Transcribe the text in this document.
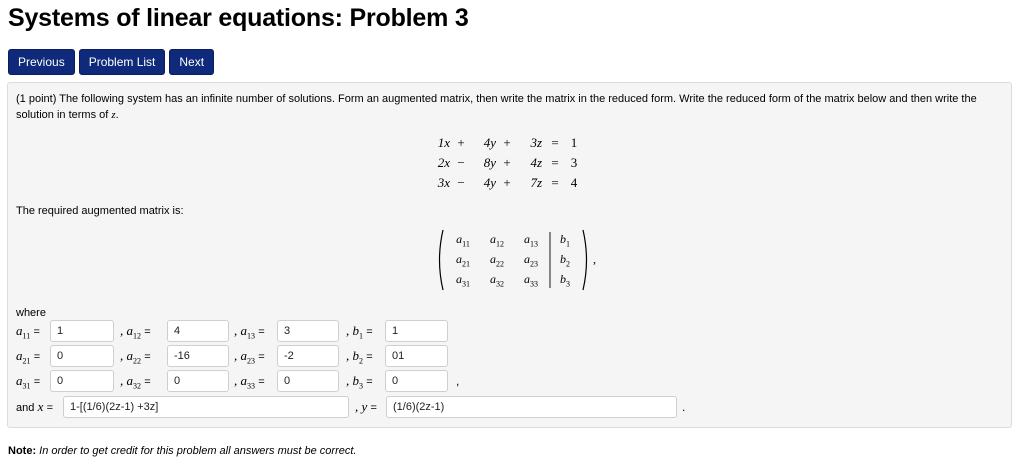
Systems of linear equations: Problem 3
Previous	Problem List	Next
(1 point) The following system has an infinite number of solutions. Form an augmented matrix, then write the matrix in the reduced form. Write the reduced form of the matrix below and then write the solution in terms of z.
1x +	4y +	3z = 1
2x −	8y +	4z = 3
3x −	4y +	7z = 4
The required augmented matrix is:
$a_{11}$	$a_{12}$	$a_{13}$	$b_1$
$a_{21}$	$a_{22}$	$a_{23}$	$b_2$
$a_{31}$	$a_{32}$	$a_{33}$	$b_3$
,
where
$a_{11}$ =
1	, $a_{12}$ =
4	, $a_{13}$ =
3	, $b_1$ =
1
$a_{21}$ =
0	, $a_{22}$ =
-16	, $a_{23}$ =
-2	, $b_2$ =
01
$a_{31}$ =
0	, $a_{32}$ =
0	, $a_{33}$ =
0	, $b_3$ =
0	,
and x =
1-[(1/6)(2z-1) +3z]	, y =
(1/6)(2z-1)	.
Note: In order to get credit for this problem all answers must be correct.
